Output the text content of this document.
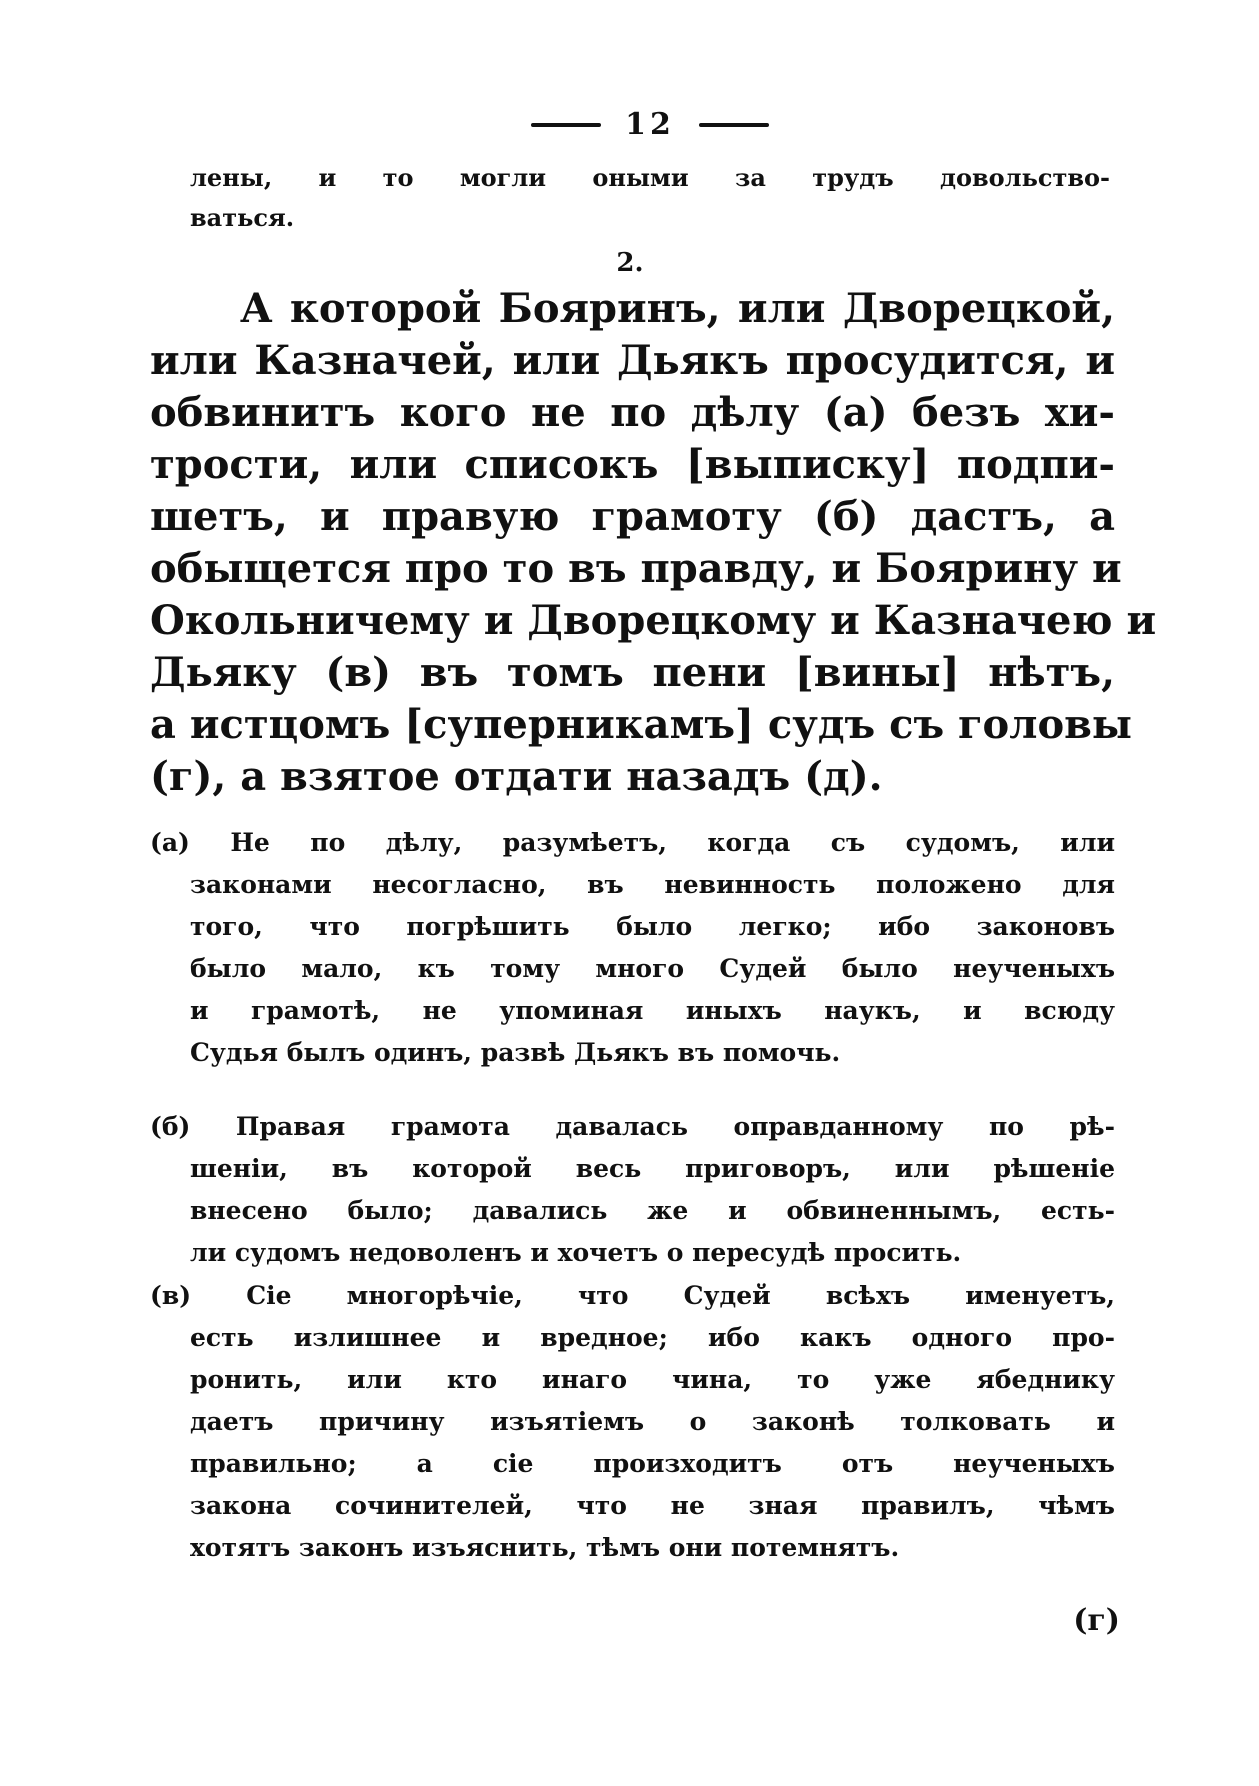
12
лены, и то могли оными за трудъ довольство-
ваться.
2.
А которой Бояринъ, или Дворецкой,
или Казначей, или Дьякъ просудится, и
обвинитъ кого не по дѣлу (а) безъ хи-
трости, или списокъ [выписку] подпи-
шетъ, и правую грамоту (б) дастъ, а
обыщется про то въ правду, и Боярину и
Окольничему и Дворецкому и Казначею и
Дьяку (в) въ томъ пени [вины] нѣтъ,
а истцомъ [суперникамъ] судъ съ головы
(г), а взятое отдати назадъ (д).
(а) Не по дѣлу, разумѣетъ, когда съ судомъ, или
законами несогласно, въ невинность положено для
того, что погрѣшить было легко; ибо законовъ
было мало, къ тому много Судей было неученыхъ
и грамотѣ, не упоминая иныхъ наукъ, и всюду
Судья былъ одинъ, развѣ Дьякъ въ помочь.
(б) Правая грамота давалась оправданному по рѣ-
шенiи, въ которой весь приговоръ, или рѣшенiе
внесено было; давались же и обвиненнымъ, есть-
ли судомъ недоволенъ и хочетъ о пересудѣ просить.
(в) Сiе многорѣчiе, что Судей всѣхъ именуетъ,
есть излишнее и вредное; ибо какъ одного про-
ронить, или кто инаго чина, то уже ябеднику
даетъ причину изъятiемъ о законѣ толковать и
правильно; а сiе произходитъ отъ неученыхъ
закона сочинителей, что не зная правилъ, чѣмъ
хотятъ законъ изъяснить, тѣмъ они потемнятъ.
(г)
